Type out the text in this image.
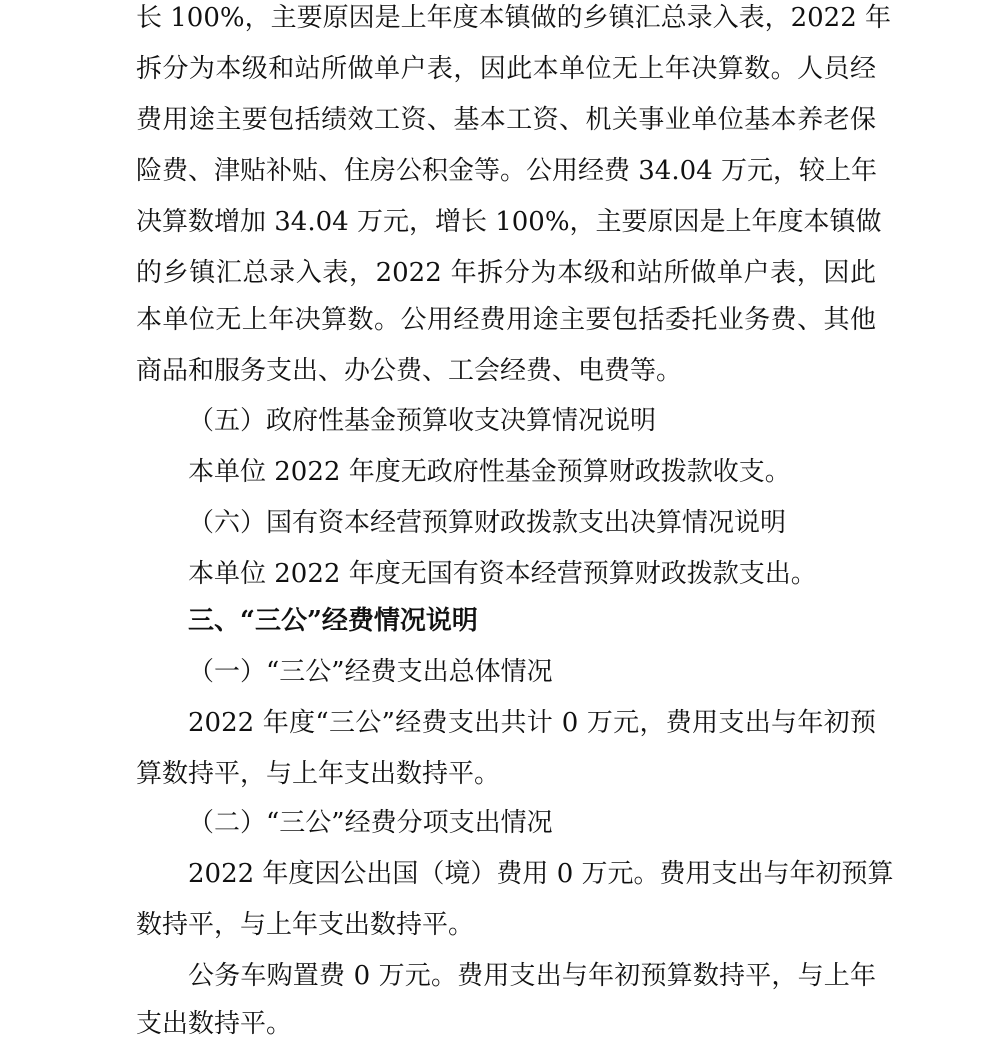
长 100%，主要原因是上年度本镇做的乡镇汇总录入表，2022 年
拆分为本级和站所做单户表，因此本单位无上年决算数。人员经
费用途主要包括绩效工资、基本工资、机关事业单位基本养老保
险费、津贴补贴、住房公积金等。公用经费 34.04 万元，较上年
决算数增加 34.04 万元，增长 100%，主要原因是上年度本镇做
的乡镇汇总录入表，2022 年拆分为本级和站所做单户表，因此
本单位无上年决算数。公用经费用途主要包括委托业务费、其他
商品和服务支出、办公费、工会经费、电费等。
（五）政府性基金预算收支决算情况说明
本单位 2022 年度无政府性基金预算财政拨款收支。
（六）国有资本经营预算财政拨款支出决算情况说明
本单位 2022 年度无国有资本经营预算财政拨款支出。
三、“三公”经费情况说明
（一）“三公”经费支出总体情况
2022 年度“三公”经费支出共计 0 万元，费用支出与年初预
算数持平，与上年支出数持平。
（二）“三公”经费分项支出情况
2022 年度因公出国（境）费用 0 万元。费用支出与年初预算
数持平，与上年支出数持平。
公务车购置费 0 万元。费用支出与年初预算数持平，与上年
支出数持平。
